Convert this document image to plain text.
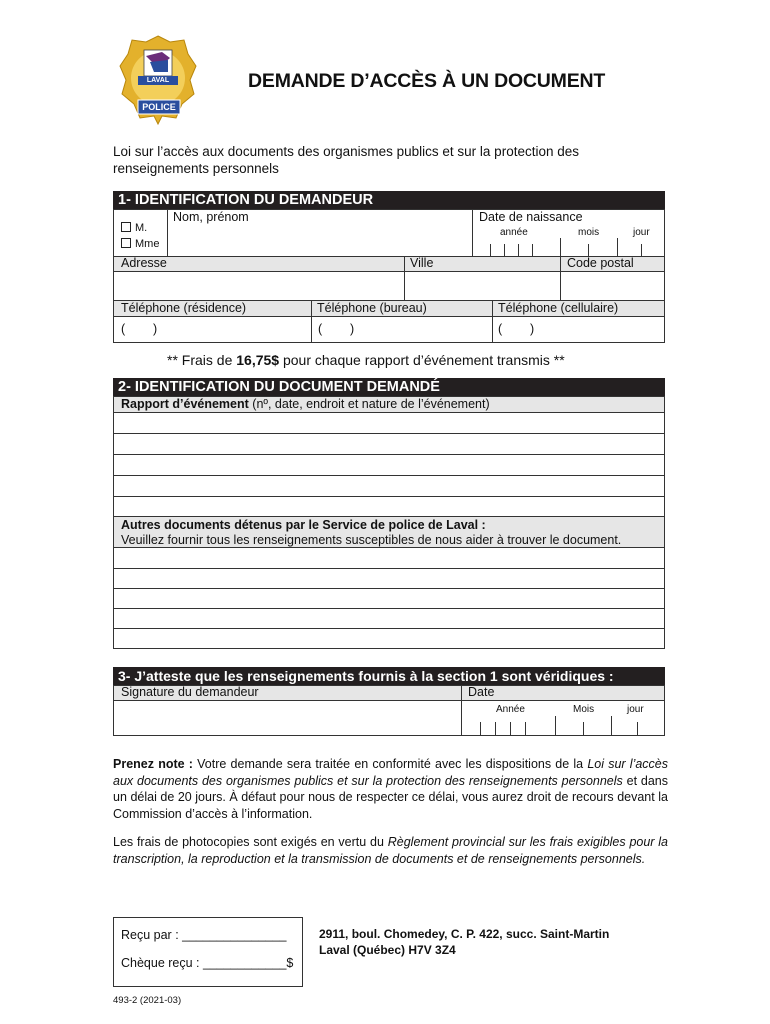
LAVAL
POLICE
DEMANDE D’ACCÈS À UN DOCUMENT
Loi sur l’accès aux documents des organismes publics et sur la protection des renseignements personnels
1- IDENTIFICATION DU DEMANDEUR
M.
Mme
Nom, prénom	Date de naissance
année	mois	jour
Adresse	Ville	Code postal
Téléphone (résidence)	Téléphone (bureau)	Téléphone (cellulaire)
(        )	(        )	(        )
** Frais de 16,75$ pour chaque rapport d’événement transmis **
2- IDENTIFICATION DU DOCUMENT DEMANDÉ
Rapport d’événement (nº, date, endroit et nature de l’événement)
Autres documents détenus par le Service de police de Laval :
Veuillez fournir tous les renseignements susceptibles de nous aider à trouver le document.
3- J’atteste que les renseignements fournis à la section 1 sont véridiques :
Signature du demandeur	Date
Année	Mois	jour
Prenez note : Votre demande sera traitée en conformité avec les dispositions de la Loi sur l’accès aux documents des organismes publics et sur la protection des renseignements personnels et dans un délai de 20 jours. À défaut pour nous de respecter ce délai, vous aurez droit de recours devant la Commission d’accès à l’information.
Les frais de photocopies sont exigés en vertu du Règlement provincial sur les frais exigibles pour la transcription, la reproduction et la transmission de documents et de renseignements personnels.
Reçu par : _______________
Chèque reçu : ____________$
2911, boul. Chomedey, C. P. 422, succ. Saint-Martin
Laval (Québec) H7V 3Z4
493-2 (2021-03)
